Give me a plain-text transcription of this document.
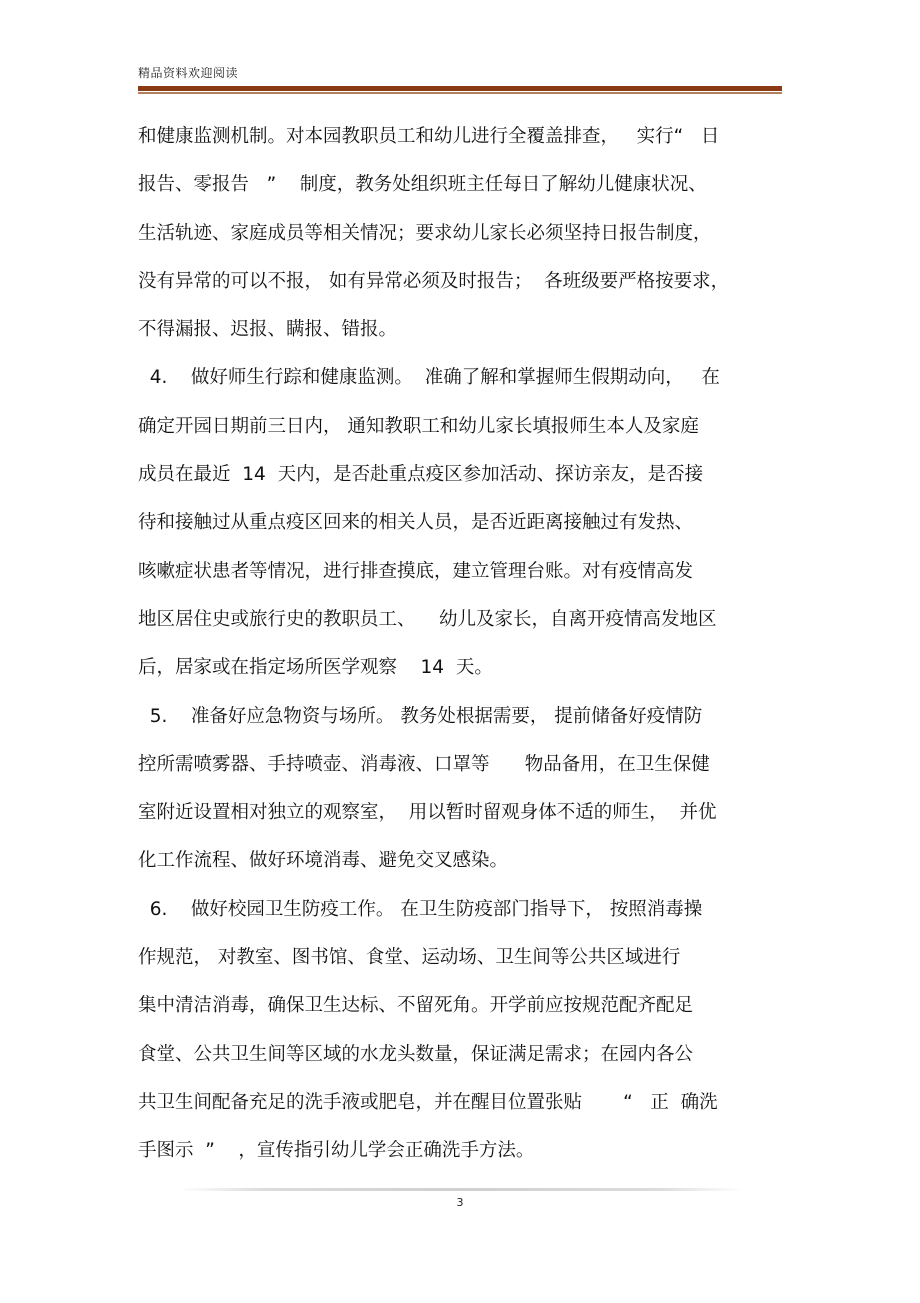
精品资料欢迎阅读
和健康监测机制。对本园教职员工和幼儿进行全覆盖排查，   实行“   日
报告、零报告   ”    制度，教务处组织班主任每日了解幼儿健康状况、
生活轨迹、家庭成员等相关情况；要求幼儿家长必须坚持日报告制度，
没有异常的可以不报， 如有异常必须及时报告；  各班级要严格按要求，
不得漏报、迟报、瞒报、错报。
4.    做好师生行踪和健康监测。  准确了解和掌握师生假期动向，   在
确定开园日期前三日内， 通知教职工和幼儿家长填报师生本人及家庭
成员在最近  14  天内，是否赴重点疫区参加活动、探访亲友，是否接
待和接触过从重点疫区回来的相关人员，是否近距离接触过有发热、
咳嗽症状患者等情况，进行排查摸底，建立管理台账。对有疫情高发
地区居住史或旅行史的教职员工、    幼儿及家长，自离开疫情高发地区
后，居家或在指定场所医学观察    14  天。
5.    准备好应急物资与场所。 教务处根据需要， 提前储备好疫情防
控所需喷雾器、手持喷壶、消毒液、口罩等      物品备用，在卫生保健
室附近设置相对独立的观察室，  用以暂时留观身体不适的师生，  并优
化工作流程、做好环境消毒、避免交叉感染。
6.    做好校园卫生防疫工作。 在卫生防疫部门指导下， 按照消毒操
作规范， 对教室、图书馆、食堂、运动场、卫生间等公共区域进行
集中清洁消毒，确保卫生达标、不留死角。开学前应按规范配齐配足
食堂、公共卫生间等区域的水龙头数量，保证满足需求；在园内各公
共卫生间配备充足的洗手液或肥皂，并在醒目位置张贴       “   正  确洗
手图示  ”    ，宣传指引幼儿学会正确洗手方法。
3
